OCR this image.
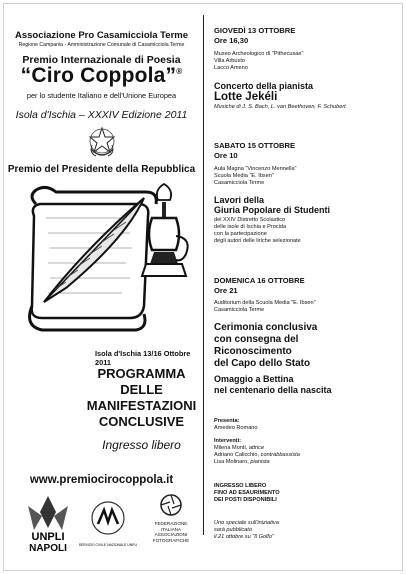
Associazione Pro Casamicciola Terme
Regione Campania - Amministrazione Comunale di Casamicciola Terme
Premio Internazionale di Poesia
“Ciro Coppola”®
per lo studente Italiano e dell'Unione Europea
Isola d'Ischia – XXXIV Edizione 2011
Premio del Presidente della Repubblica
Isola d'Ischia 13/16 Ottobre 2011
PROGRAMMA
DELLE
MANIFESTAZIONI
CONCLUSIVE
Ingresso libero
www.premiocirocoppola.it
UNPLI
NAPOLI	SERVIZIO CIVILE NAZIONALE UNPLI
FEDERAZIONE
ITALIANA
ASSOCIAZIONI
FOTOGRAFICHE
GIOVEDÌ 13 OTTOBRE
Ore 16,30
Museo Archeologico di "Pithecusae"
Villa Arbusto
Lacco Ameno
Concerto della pianista
Lotte Jekéli
Musiche di J. S. Bach, L. van Beethoven, F. Schubert
SABATO 15 OTTOBRE
Ore 10
Aula Magna "Vincenzo Mennella"
Scuola Media "E. Ibsen"
Casamicciola Terme
Lavori della
Giuria Popolare di Studenti
del XXIV Distretto Scolastico
delle isole di Ischia e Procida
con la partecipazione
degli autori delle liriche selezionate
DOMENICA 16 OTTOBRE
Ore 21
Auditorium della Scuola Media "E. Ibsen"
Casamicciola Terme
Cerimonia conclusiva
con consegna del
Riconoscimento
del Capo dello Stato
Omaggio a Bettina
nel centenario della nascita
Presenta:
Amedeo Romano
Interventi:
Milena Monti, attrice
Adriano Calicchio, contrabbassista
Lisa Molinaro, pianista
INGRESSO LIBERO
FINO AD ESAURIMENTO
DEI POSTI DISPONIBILI
Uno speciale sull'iniziativa
sarà pubblicato
il 21 ottobre su "Il Golfo"
